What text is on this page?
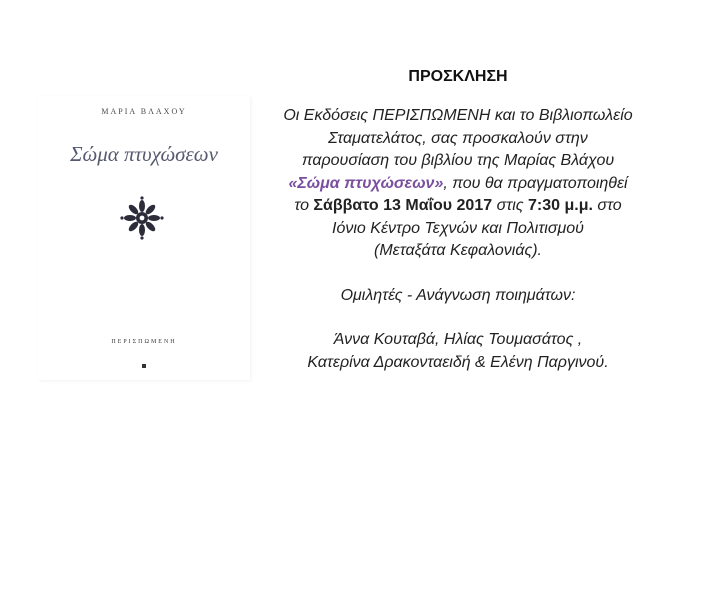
ΜΑΡΙΑ ΒΛΑΧΟΥ
Σώμα πτυχώσεων
ΠΕΡΙΣΠΩΜΕΝΗ
ΠΡΟΣΚΛΗΣΗ

Οι Εκδόσεις ΠΕΡΙΣΠΩΜΕΝΗ και το Βιβλιοπωλείο
Σταματελάτος, σας προσκαλούν στην
παρουσίαση του βιβλίου της Μαρίας Βλάχου
«Σώμα πτυχώσεων», που θα πραγματοποιηθεί
το Σάββατο 13 Μαΐου 2017 στις 7:30 μ.μ. στο
Ιόνιο Κέντρο Τεχνών και Πολιτισμού
(Μεταξάτα Κεφαλονιάς).

Ομιλητές - Ανάγνωση ποιημάτων:

Άννα Κουταβά, Ηλίας Τουμασάτος ,
Κατερίνα Δρακονταειδή & Ελένη Παργινού.
